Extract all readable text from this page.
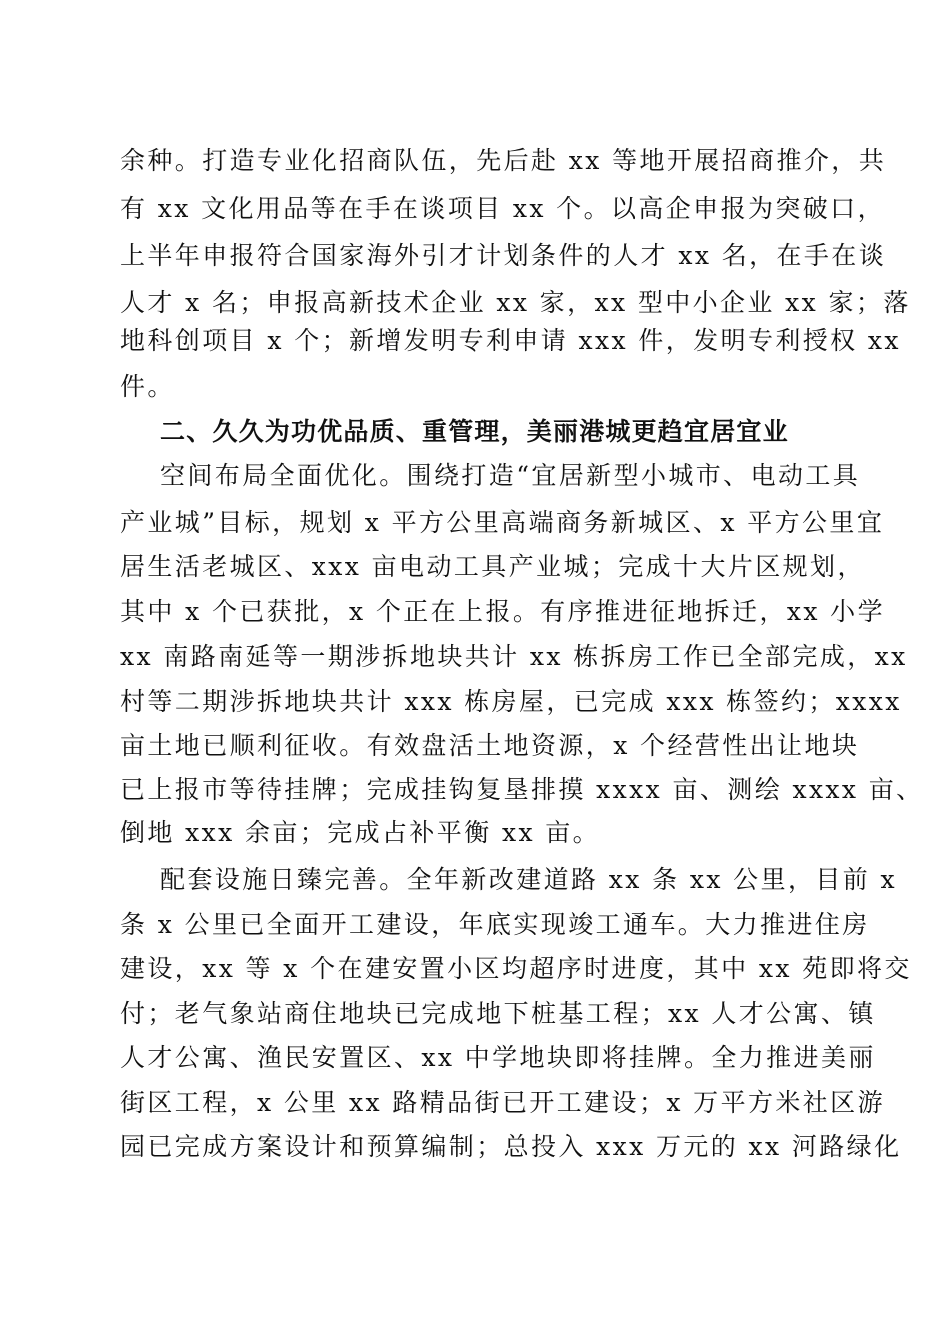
余种。打造专业化招商队伍，先后赴 xx 等地开展招商推介，共
有 xx 文化用品等在手在谈项目 xx 个。以高企申报为突破口，
上半年申报符合国家海外引才计划条件的人才 xx 名，在手在谈
人才 x 名；申报高新技术企业 xx 家，xx 型中小企业 xx 家；落
地科创项目 x 个；新增发明专利申请 xxx 件，发明专利授权 xx
件。
二、久久为功优品质、重管理，美丽港城更趋宜居宜业
空间布局全面优化。围绕打造“宜居新型小城市、电动工具
产业城”目标，规划 x 平方公里高端商务新城区、x 平方公里宜
居生活老城区、xxx 亩电动工具产业城；完成十大片区规划，
其中 x 个已获批，x 个正在上报。有序推进征地拆迁，xx 小学
xx 南路南延等一期涉拆地块共计 xx 栋拆房工作已全部完成，xx
村等二期涉拆地块共计 xxx 栋房屋，已完成 xxx 栋签约；xxxx
亩土地已顺利征收。有效盘活土地资源，x 个经营性出让地块
已上报市等待挂牌；完成挂钩复垦排摸 xxxx 亩、测绘 xxxx 亩、
倒地 xxx 余亩；完成占补平衡 xx 亩。
配套设施日臻完善。全年新改建道路 xx 条 xx 公里，目前 x
条 x 公里已全面开工建设，年底实现竣工通车。大力推进住房
建设，xx 等 x 个在建安置小区均超序时进度，其中 xx 苑即将交
付；老气象站商住地块已完成地下桩基工程；xx 人才公寓、镇
人才公寓、渔民安置区、xx 中学地块即将挂牌。全力推进美丽
街区工程，x 公里 xx 路精品街已开工建设；x 万平方米社区游
园已完成方案设计和预算编制；总投入 xxx 万元的 xx 河路绿化
